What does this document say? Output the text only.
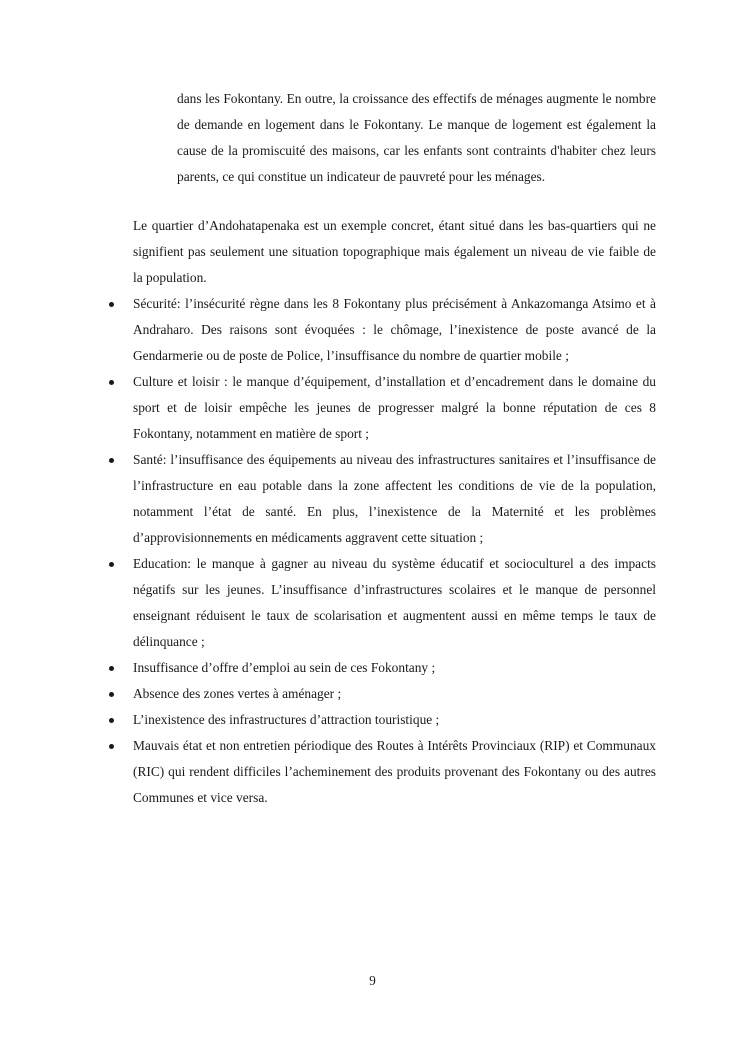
dans les Fokontany. En outre, la croissance des effectifs de ménages augmente le nombre de demande en logement dans le Fokontany. Le manque de logement est également la cause de la promiscuité des maisons, car les enfants sont contraints d'habiter chez leurs parents, ce qui constitue un indicateur de pauvreté pour les ménages.

Le quartier d’Andohatapenaka est un exemple concret, étant situé dans les bas-quartiers qui ne signifient pas seulement une situation topographique mais également un niveau de vie faible de la population.

Sécurité: l’insécurité règne dans les 8 Fokontany plus précisément à Ankazomanga Atsimo et à Andraharo. Des raisons sont évoquées : le chômage, l’inexistence de poste avancé de la Gendarmerie ou de poste de Police, l’insuffisance du nombre de quartier mobile ;

Culture et loisir : le manque d’équipement, d’installation et d’encadrement dans le domaine du sport et de loisir empêche les jeunes de progresser malgré la bonne réputation de ces 8 Fokontany, notamment en matière de sport ;

Santé: l’insuffisance des équipements au niveau des infrastructures sanitaires et l’insuffisance de l’infrastructure en eau potable dans la zone affectent les conditions de vie de la population, notamment l’état de santé. En plus, l’inexistence de la Maternité et les problèmes d’approvisionnements en médicaments aggravent cette situation ;

Education: le manque à gagner au niveau du système éducatif et socioculturel a des impacts négatifs sur les jeunes. L’insuffisance d’infrastructures scolaires et le manque de personnel enseignant réduisent le taux de scolarisation et augmentent aussi en même temps le taux de délinquance ;

Insuffisance d’offre d’emploi au sein de ces Fokontany ;

Absence des zones vertes à aménager ;

L’inexistence des infrastructures d’attraction touristique ;

Mauvais état et non entretien périodique des Routes à Intérêts Provinciaux (RIP) et Communaux (RIC) qui rendent difficiles l’acheminement des produits provenant des Fokontany ou des autres Communes et vice versa.

9
